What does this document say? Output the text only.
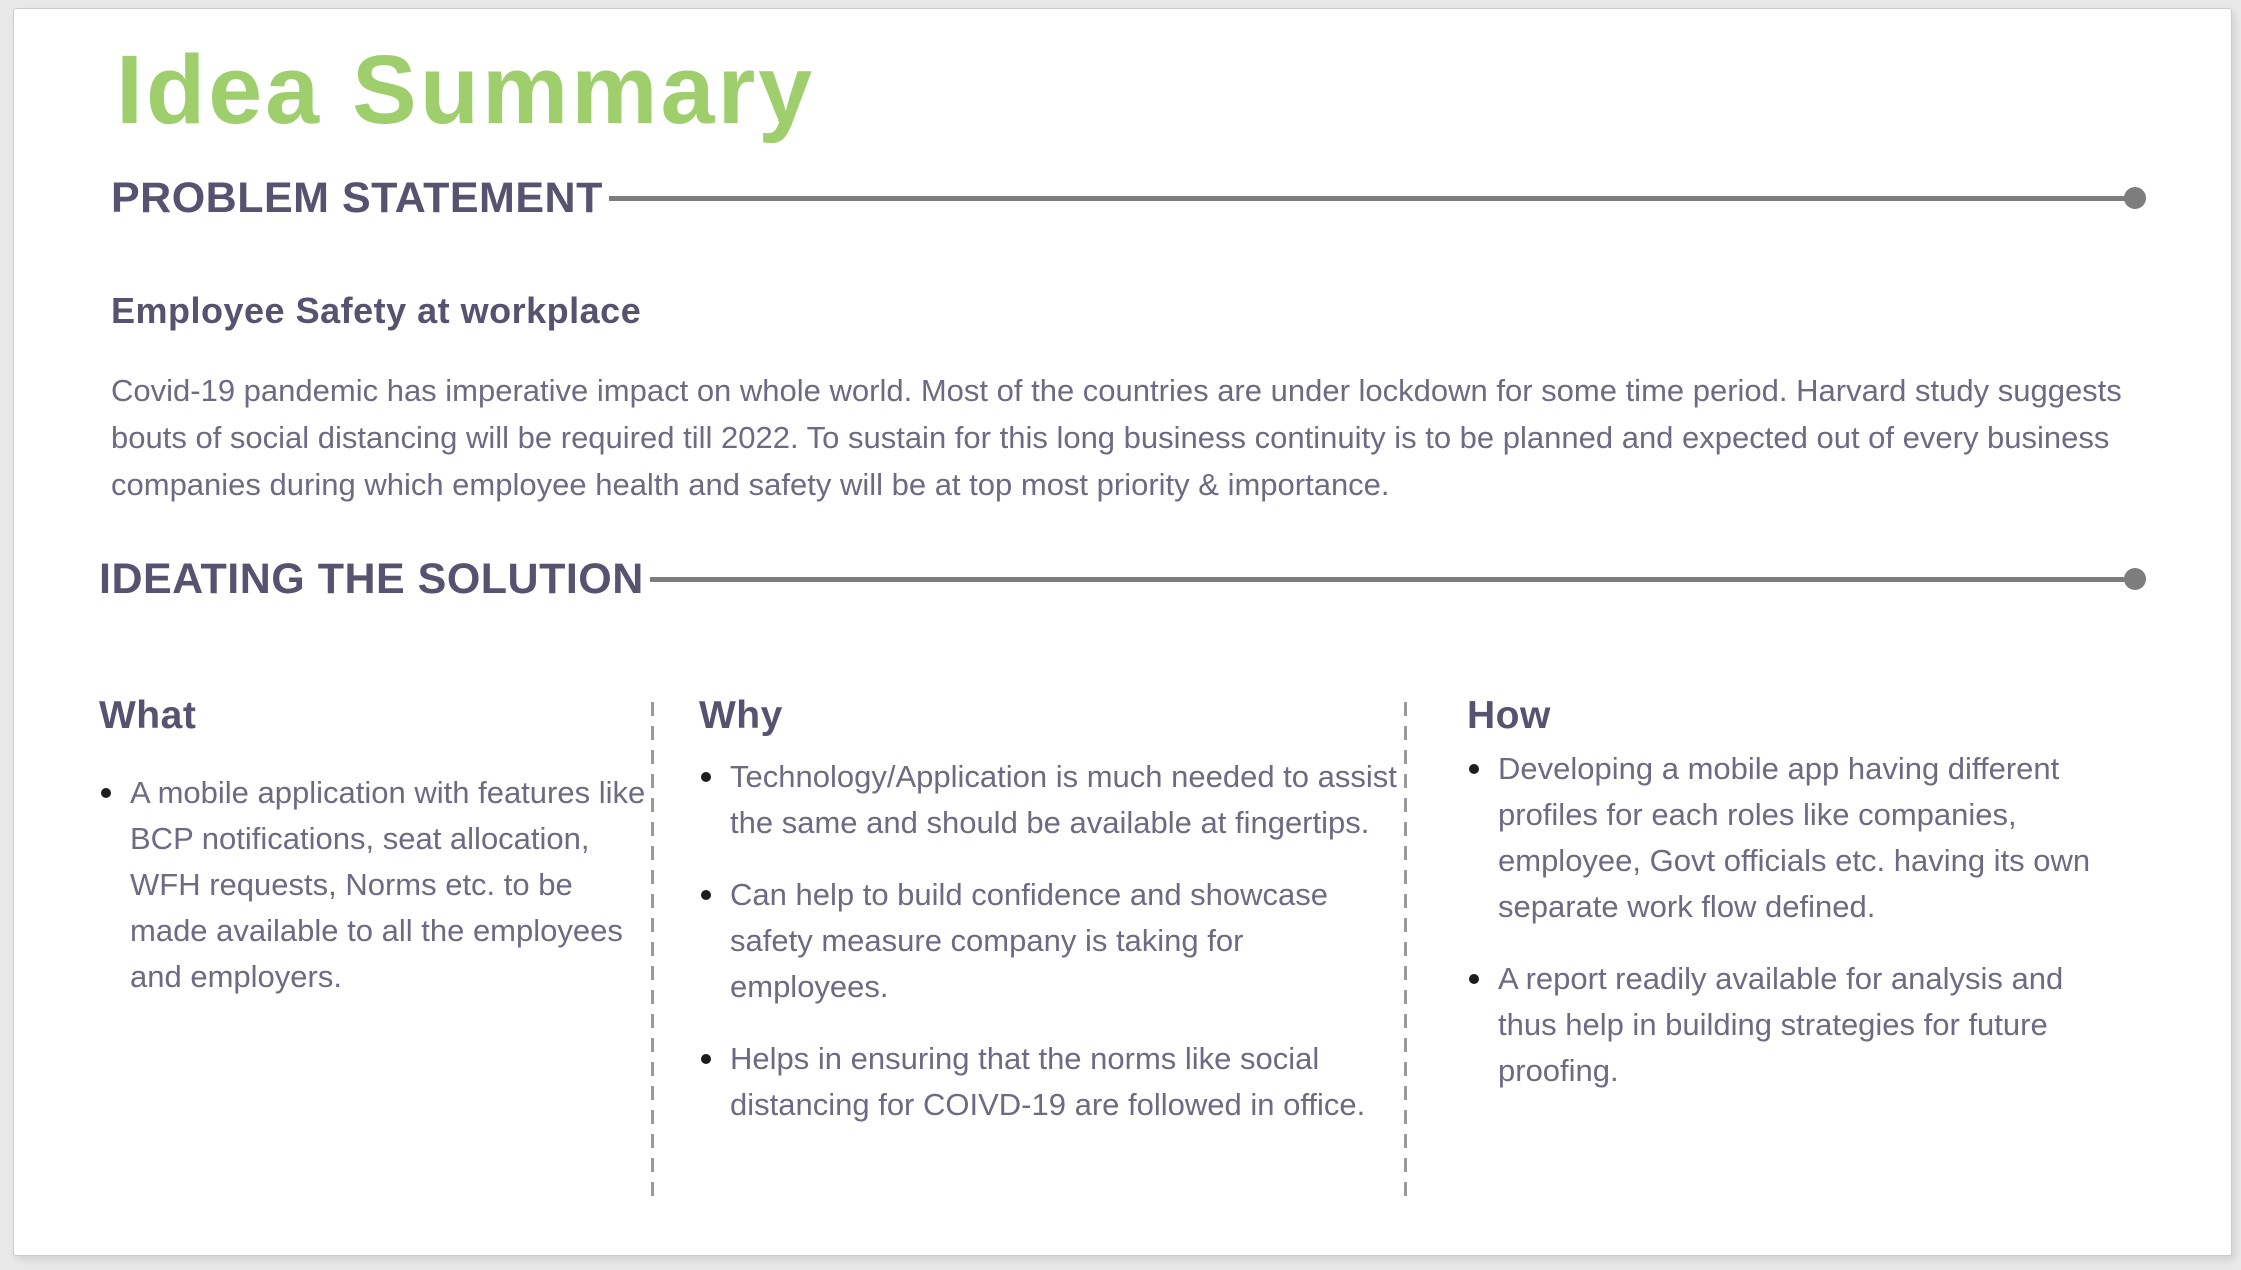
Idea Summary
PROBLEM STATEMENT
Employee Safety at workplace

Covid-19 pandemic has imperative impact on whole world. Most of the countries are under lockdown for some time period. Harvard study suggests bouts of social distancing will be required till 2022. To sustain for this long business continuity is to be planned and expected out of every business companies during which employee health and safety will be at top most priority & importance.

IDEATING THE SOLUTION
What
A mobile application with features like BCP notifications, seat allocation, WFH requests, Norms etc. to be made available to all the employees and employers.
Why
Technology/Application is much needed to assist the same and should be available at fingertips.
Can help to build confidence and showcase safety measure company is taking for employees.
Helps in ensuring that the norms like social distancing for COIVD-19 are followed in office.
How
Developing a mobile app having different profiles for each roles like companies, employee, Govt officials etc. having its own separate work flow defined.
A report readily available for analysis and thus help in building strategies for future proofing.
